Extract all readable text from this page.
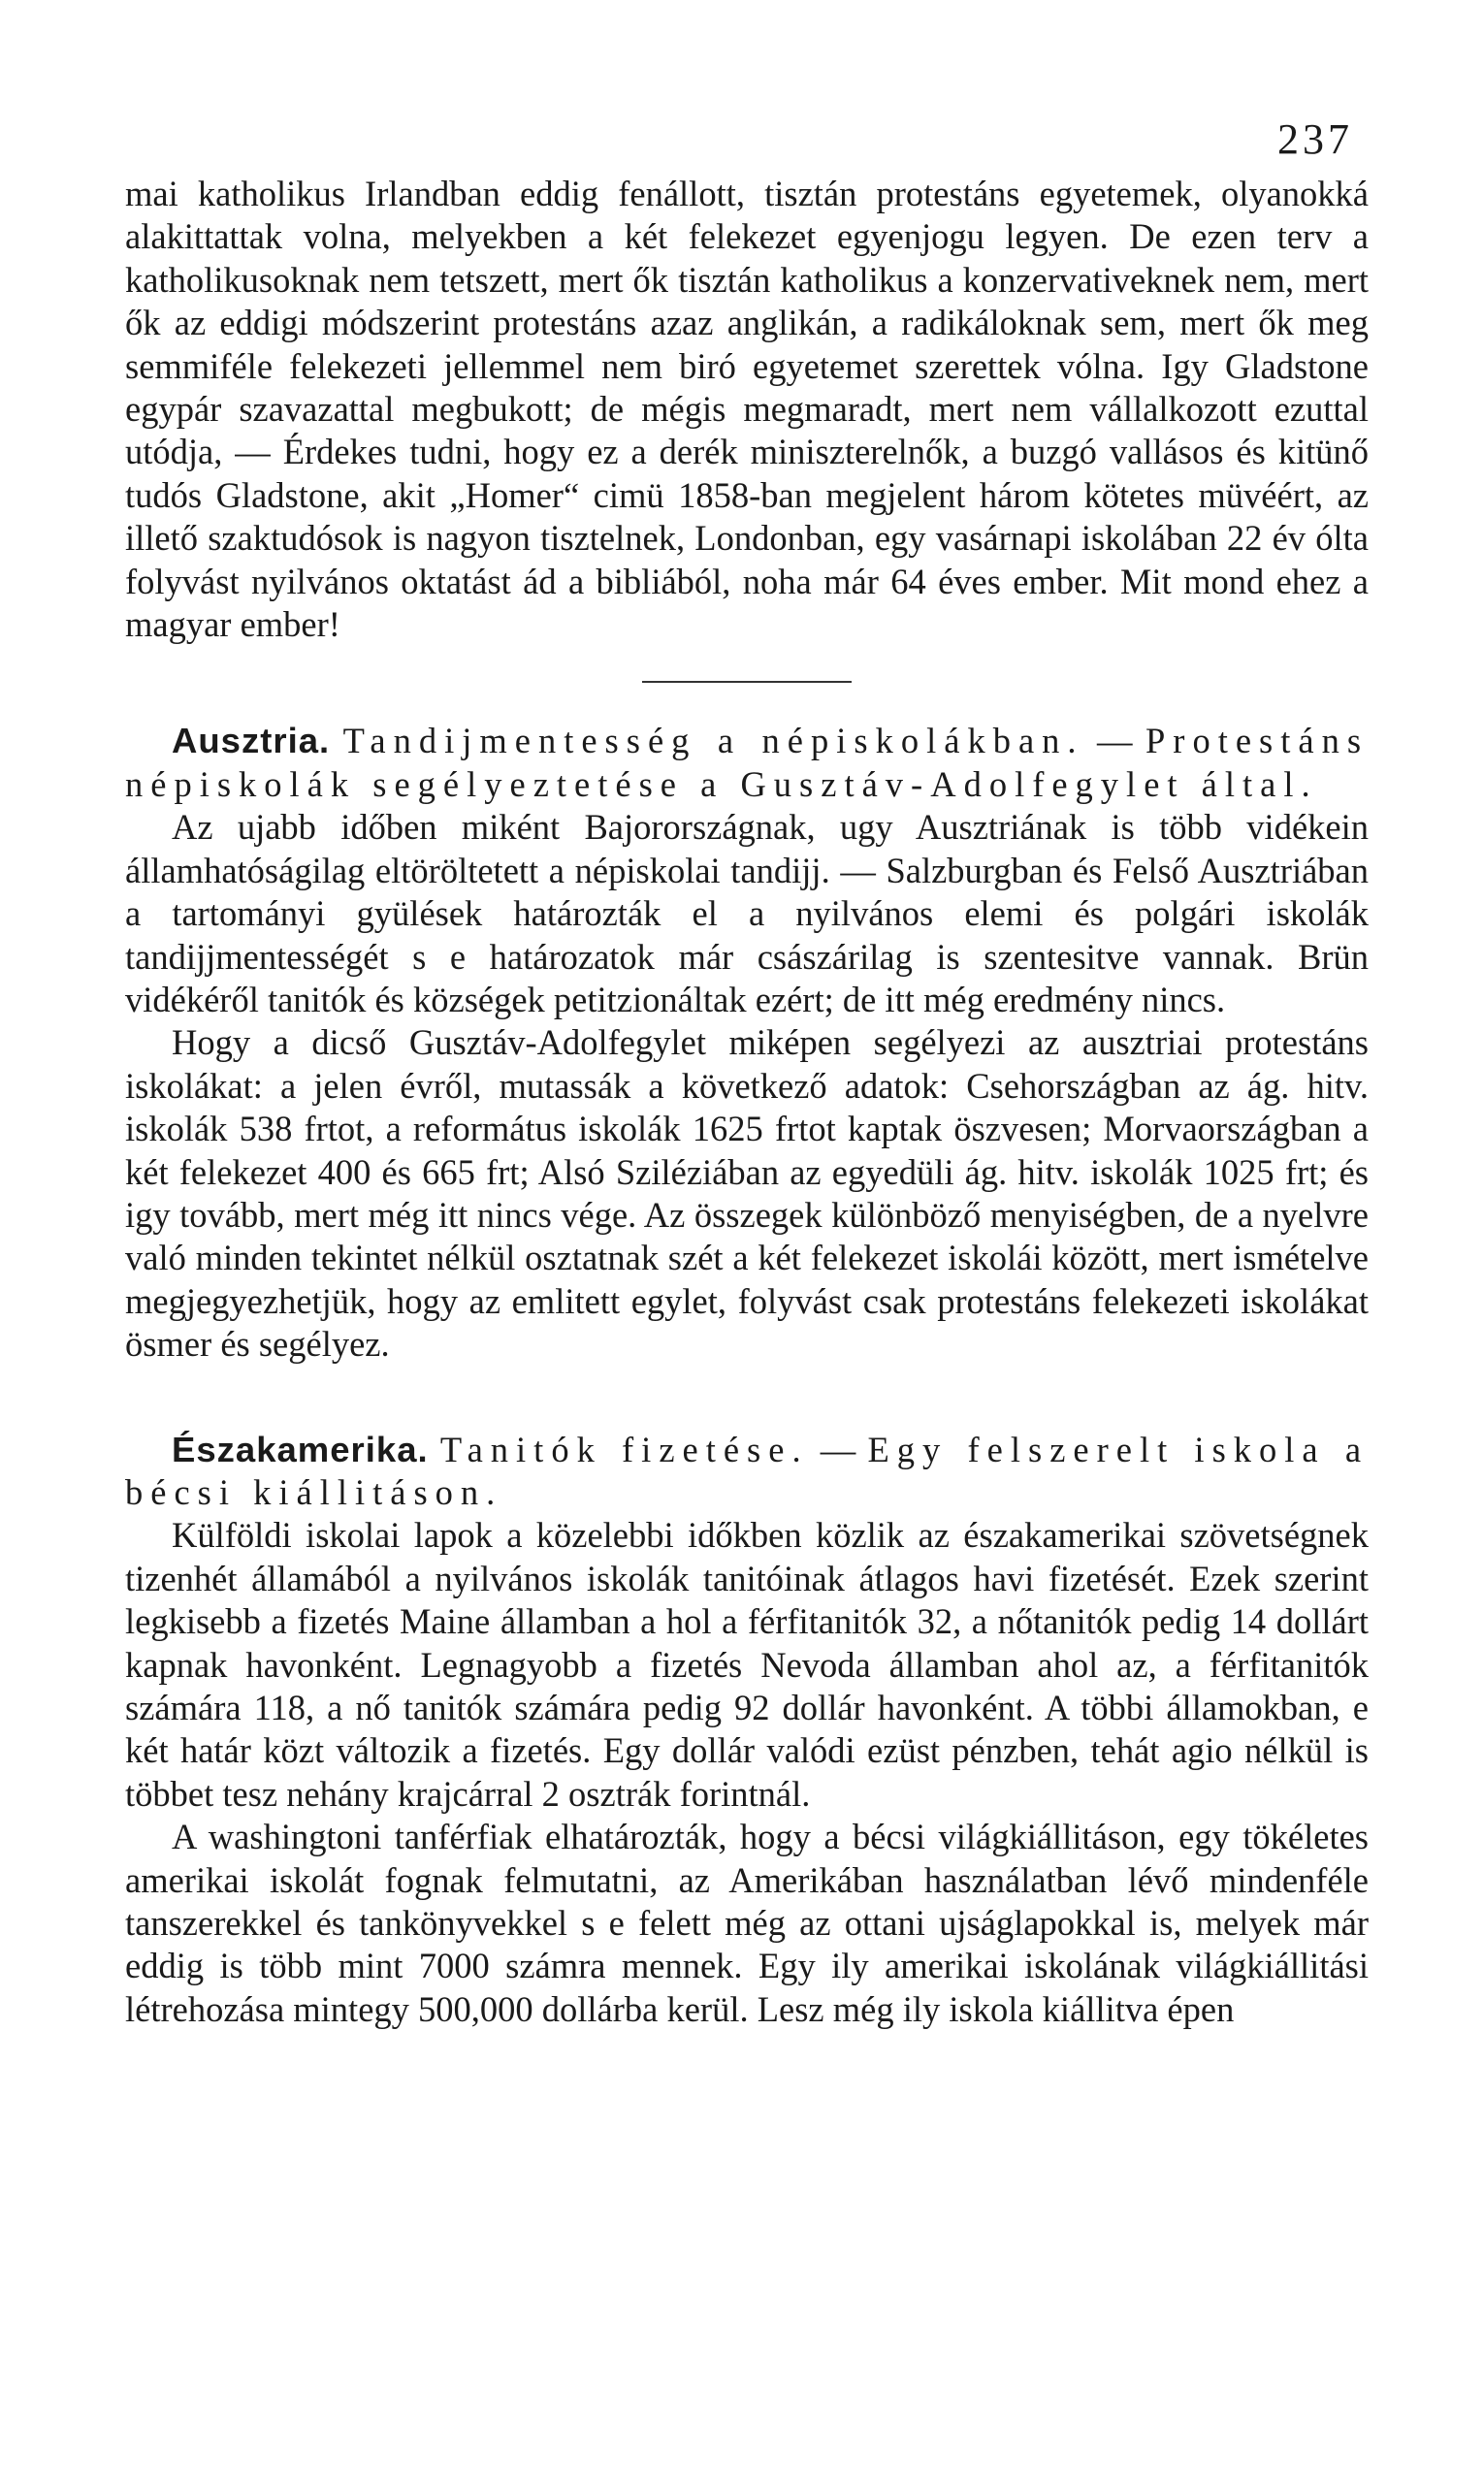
237

mai katholikus Irlandban eddig fenállott, tisztán protestáns egyetemek, olyanokká alakittattak volna, melyekben a két felekezet egyenjogu legyen. De ezen terv a katholikusoknak nem tetszett, mert ők tisztán katholikus a konzervativeknek nem, mert ők az eddigi módszerint protestáns azaz anglikán, a radikáloknak sem, mert ők meg semmiféle felekezeti jellemmel nem biró egyetemet szerettek vólna. Igy Gladstone egypár szavazattal megbukott; de mégis megmaradt, mert nem vállalkozott ezuttal utódja, — Érdekes tudni, hogy ez a derék miniszterelnők, a buzgó vallásos és kitünő tudós Gladstone, akit „Homer“ cimü 1858-ban megjelent három kötetes müvéért, az illető szaktudósok is nagyon tisztelnek, Londonban, egy vasárnapi iskolában 22 év ólta folyvást nyilvános oktatást ád a bibliából, noha már 64 éves ember. Mit mond ehez a magyar ember!

Ausztria. Tandijmentesség a népiskolákban. — Protestáns népiskolák segélyeztetése a Gusztáv-Adolfegylet által.

Az ujabb időben miként Bajorországnak, ugy Ausztriának is több vidékein államhatóságilag eltöröltetett a népiskolai tandijj. — Salzburgban és Felső Ausztriában a tartományi gyülések határozták el a nyilvános elemi és polgári iskolák tandijjmentességét s e határozatok már császárilag is szentesitve vannak. Brün vidékéről tanitók és községek petitzionáltak ezért; de itt még eredmény nincs.

Hogy a dicső Gusztáv-Adolfegylet miképen segélyezi az ausztriai protestáns iskolákat: a jelen évről, mutassák a következő adatok: Csehországban az ág. hitv. iskolák 538 frtot, a református iskolák 1625 frtot kaptak öszvesen; Morvaországban a két felekezet 400 és 665 frt; Alsó Sziléziában az egyedüli ág. hitv. iskolák 1025 frt; és igy tovább, mert még itt nincs vége. Az összegek különböző menyiségben, de a nyelvre való minden tekintet nélkül osztatnak szét a két felekezet iskolái között, mert ismételve megjegyezhetjük, hogy az emlitett egylet, folyvást csak protestáns felekezeti iskolákat ösmer és segélyez.

Északamerika. Tanitók fizetése. — Egy felszerelt iskola a bécsi kiállitáson.

Külföldi iskolai lapok a közelebbi időkben közlik az északamerikai szövetségnek tizenhét államából a nyilvános iskolák tanitóinak átlagos havi fizetését. Ezek szerint legkisebb a fizetés Maine államban a hol a férfitanitók 32, a nőtanitók pedig 14 dollárt kapnak havonként. Legnagyobb a fizetés Nevoda államban ahol az, a férfitanitók számára 118, a nő tanitók számára pedig 92 dollár havonként. A többi államokban, e két határ közt változik a fizetés. Egy dollár valódi ezüst pénzben, tehát agio nélkül is többet tesz nehány krajcárral 2 osztrák forintnál.

A washingtoni tanférfiak elhatározták, hogy a bécsi világkiállitáson, egy tökéletes amerikai iskolát fognak felmutatni, az Amerikában használatban lévő mindenféle tanszerekkel és tankönyvekkel s e felett még az ottani ujságlapokkal is, melyek már eddig is több mint 7000 számra mennek. Egy ily amerikai iskolának világkiállitási létrehozása mintegy 500,000 dollárba kerül. Lesz még ily iskola kiállitva épen
